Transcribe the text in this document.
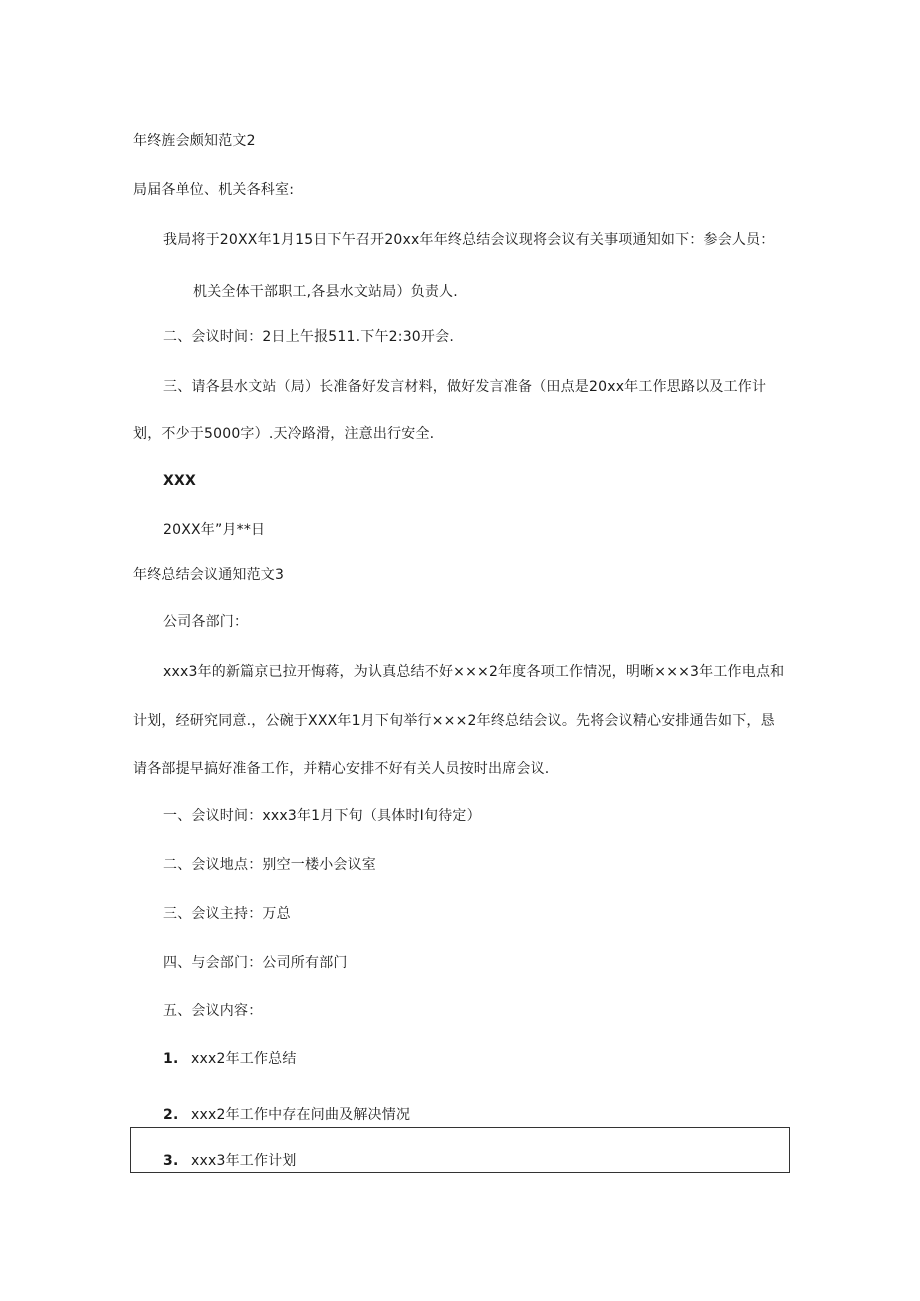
年终旌会颇知范文2
局届各单位、机关各科室:
我局将于20XX年1月15日下午召开20xx年年终总结会议现将会议有关事项通知如下：参会人员：
机关全体干部职工,各县水文站局）负责人.
二、会议时间：2日上午报511.下午2:30开会.
三、请各县水文站（局）长准备好发言材料，做好发言准备（田点是20xx年工作思路以及工作计
划，不少于5000字）.天冷路滑，注意出行安全.
XXX
20XX年”月**日
年终总结会议通知范文3
公司各部门：
xxx3年的新篇京已拉开悔蒋，为认真总结不好×××2年度各项工作情况，明晰×××3年工作电点和
计划，经研究同意.，公碗于XXX年1月下旬举行×××2年终总结会议。先将会议精心安排通告如下，恳
请各部提早搞好准备工作，并精心安排不好有关人员按时出席会议.
一、会议时间：xxx3年1月下旬（具体时I旬待定）
二、会议地点：别空一楼小会议室
三、会议主持：万总
四、与会部门：公司所有部门
五、会议内容：
1. xxx2年工作总结
2. xxx2年工作中存在问曲及解决情况
3. xxx3年工作计划
